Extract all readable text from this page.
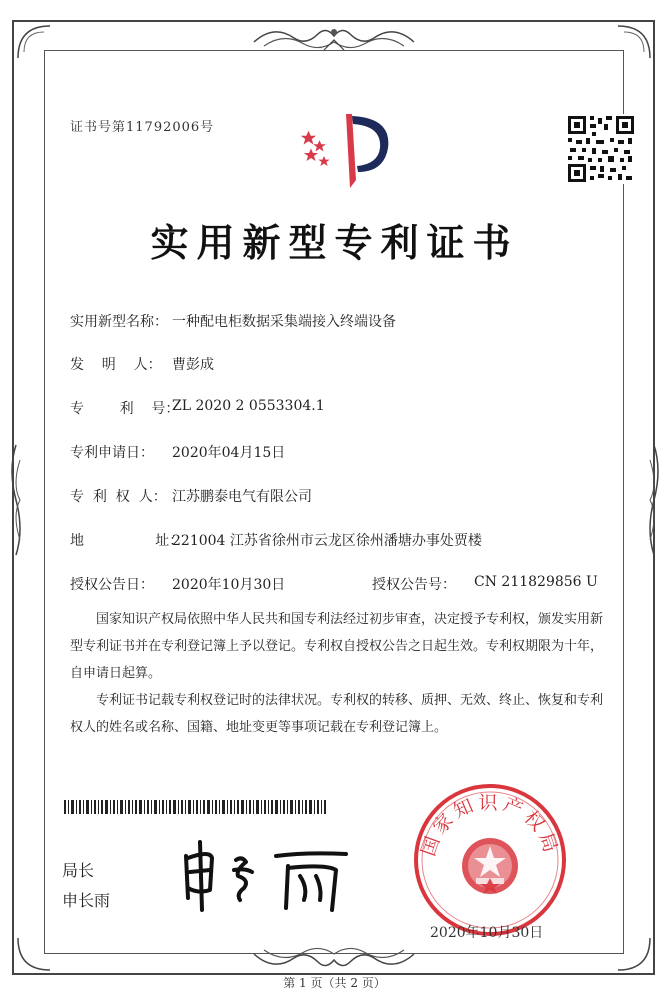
证书号第11792006号
实用新型专利证书
实用新型名称： 一种配电柜数据采集端接入终端设备
发    明    人： 曹彭成
专        利    号：
ZL 2020 2 0553304.1
专利申请日： 2020年04月15日
专  利  权  人： 江苏鹏泰电气有限公司
地                址：
221004 江苏省徐州市云龙区徐州潘塘办事处贾楼
授权公告日： 2020年10月30日	授权公告号： CN 211829856 U
国家知识产权局依照中华人民共和国专利法经过初步审查，决定授予专利权，颁发实用新型专利证书并在专利登记簿上予以登记。专利权自授权公告之日起生效。专利权期限为十年，自申请日起算。
专利证书记载专利权登记时的法律状况。专利权的转移、质押、无效、终止、恢复和专利权人的姓名或名称、国籍、地址变更等事项记载在专利登记簿上。
局长
申长雨
国家知识产权局
2020年10月30日
第 1 页（共 2 页）
